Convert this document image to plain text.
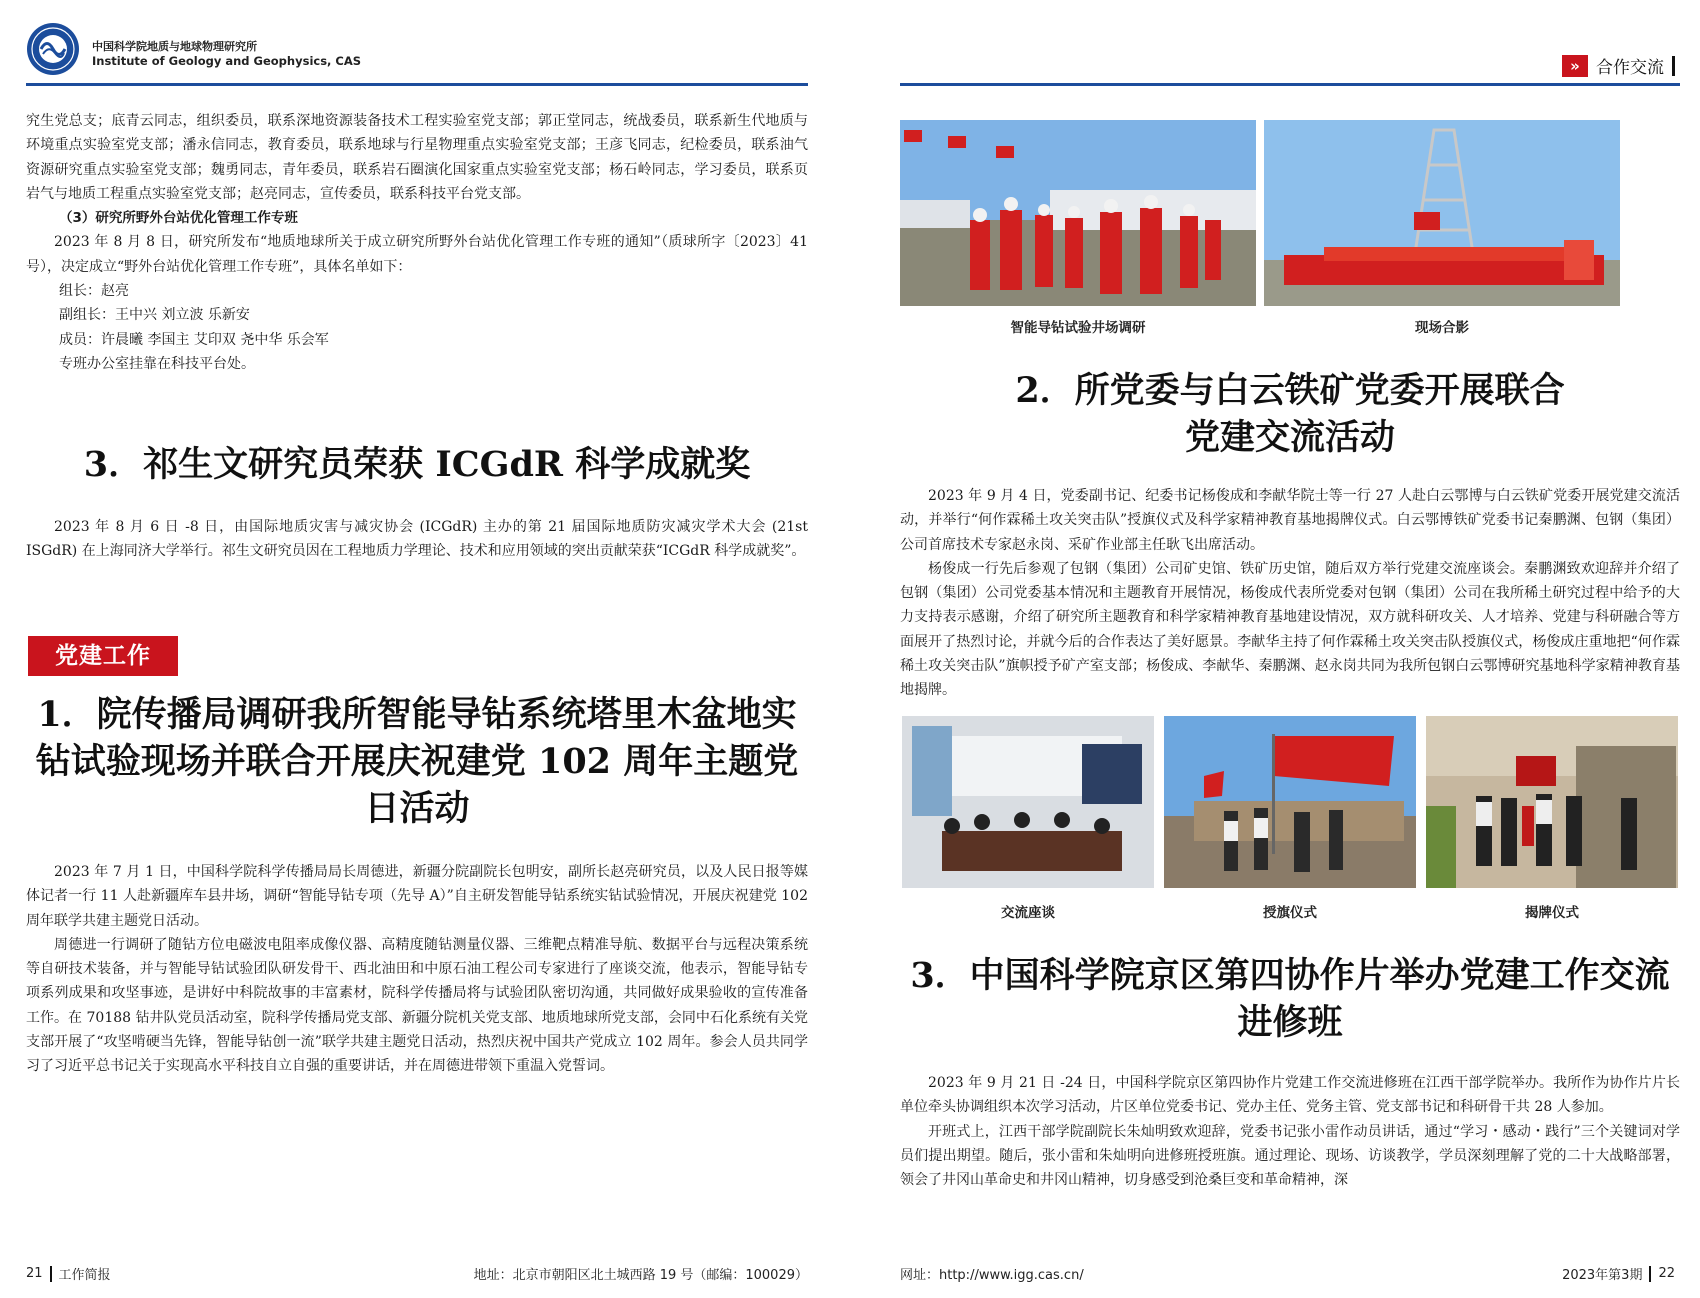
中国科学院地质与地球物理研究所
Institute of Geology and Geophysics, CAS

究生党总支；底青云同志，组织委员，联系深地资源装备技术工程实验室党支部；郭正堂同志，统战委员，联系新生代地质与环境重点实验室党支部；潘永信同志，教育委员，联系地球与行星物理重点实验室党支部；王彦飞同志，纪检委员，联系油气资源研究重点实验室党支部；魏勇同志，青年委员，联系岩石圈演化国家重点实验室党支部；杨石岭同志，学习委员，联系页岩气与地质工程重点实验室党支部；赵亮同志，宣传委员，联系科技平台党支部。

（3）研究所野外台站优化管理工作专班

2023 年 8 月 8 日，研究所发布“地质地球所关于成立研究所野外台站优化管理工作专班的通知”（质球所字〔2023〕41 号），决定成立“野外台站优化管理工作专班”，具体名单如下：

组长：赵亮

副组长：王中兴 刘立波 乐新安

成员：许晨曦 李国主 艾印双 尧中华 乐会军

专班办公室挂靠在科技平台处。

3．祁生文研究员荣获 ICGdR 科学成就奖

2023 年 8 月 6 日 -8 日，由国际地质灾害与减灾协会 (ICGdR) 主办的第 21 届国际地质防灾减灾学术大会 (21st ISGdR) 在上海同济大学举行。祁生文研究员因在工程地质力学理论、技术和应用领域的突出贡献荣获“ICGdR 科学成就奖”。

党建工作
1．院传播局调研我所智能导钻系统塔里木盆地实钻试验现场并联合开展庆祝建党 102 周年主题党日活动

2023 年 7 月 1 日，中国科学院科学传播局局长周德进，新疆分院副院长包明安，副所长赵亮研究员，以及人民日报等媒体记者一行 11 人赴新疆库车县井场，调研“智能导钻专项（先导 A）”自主研发智能导钻系统实钻试验情况，开展庆祝建党 102 周年联学共建主题党日活动。

周德进一行调研了随钻方位电磁波电阻率成像仪器、高精度随钻测量仪器、三维靶点精准导航、数据平台与远程决策系统等自研技术装备，并与智能导钻试验团队研发骨干、西北油田和中原石油工程公司专家进行了座谈交流，他表示，智能导钻专项系列成果和攻坚事迹，是讲好中科院故事的丰富素材，院科学传播局将与试验团队密切沟通，共同做好成果验收的宣传准备工作。在 70188 钻井队党员活动室，院科学传播局党支部、新疆分院机关党支部、地质地球所党支部，会同中石化系统有关党支部开展了“攻坚啃硬当先锋，智能导钻创一流”联学共建主题党日活动，热烈庆祝中国共产党成立 102 周年。参会人员共同学习了习近平总书记关于实现高水平科技自立自强的重要讲话，并在周德进带领下重温入党誓词。

21 工作简报	地址：北京市朝阳区北土城西路 19 号（邮编：100029）
» 合作交流
智能导钻试验井场调研	现场合影
2．所党委与白云铁矿党委开展联合党建交流活动

2023 年 9 月 4 日，党委副书记、纪委书记杨俊成和李献华院士等一行 27 人赴白云鄂博与白云铁矿党委开展党建交流活动，并举行“何作霖稀土攻关突击队”授旗仪式及科学家精神教育基地揭牌仪式。白云鄂博铁矿党委书记秦鹏渊、包钢（集团）公司首席技术专家赵永岗、采矿作业部主任耿飞出席活动。

杨俊成一行先后参观了包钢（集团）公司矿史馆、铁矿历史馆，随后双方举行党建交流座谈会。秦鹏渊致欢迎辞并介绍了包钢（集团）公司党委基本情况和主题教育开展情况，杨俊成代表所党委对包钢（集团）公司在我所稀土研究过程中给予的大力支持表示感谢，介绍了研究所主题教育和科学家精神教育基地建设情况，双方就科研攻关、人才培养、党建与科研融合等方面展开了热烈讨论，并就今后的合作表达了美好愿景。李献华主持了何作霖稀土攻关突击队授旗仪式，杨俊成庄重地把“何作霖稀土攻关突击队”旗帜授予矿产室支部；杨俊成、李献华、秦鹏渊、赵永岗共同为我所包钢白云鄂博研究基地科学家精神教育基地揭牌。

交流座谈	授旗仪式	揭牌仪式
3．中国科学院京区第四协作片举办党建工作交流进修班

2023 年 9 月 21 日 -24 日，中国科学院京区第四协作片党建工作交流进修班在江西干部学院举办。我所作为协作片片长单位牵头协调组织本次学习活动，片区单位党委书记、党办主任、党务主管、党支部书记和科研骨干共 28 人参加。

开班式上，江西干部学院副院长朱灿明致欢迎辞，党委书记张小雷作动员讲话，通过“学习・感动・践行”三个关键词对学员们提出期望。随后，张小雷和朱灿明向进修班授班旗。通过理论、现场、访谈教学，学员深刻理解了党的二十大战略部署，领会了井冈山革命史和井冈山精神，切身感受到沧桑巨变和革命精神，深

网址：http://www.igg.cas.cn/	2023年第3期 22
